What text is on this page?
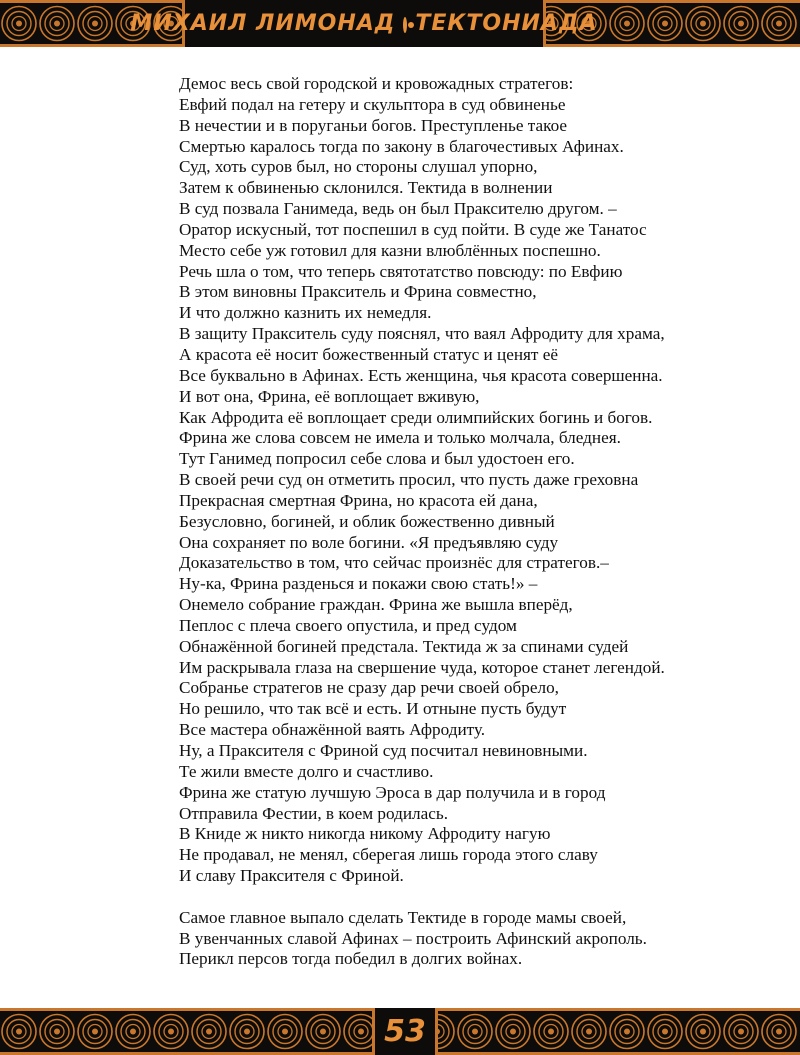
МИХАИЛ ЛИМОНАД ТЕКТОНИАДА
Демос весь свой городской и кровожадных стратегов:
Евфий подал на гетеру и скульптора в суд обвиненье
В нечестии и в поруганьи богов. Преступленье такое
Смертью каралось тогда по закону в благочестивых Афинах.
Суд, хоть суров был, но стороны слушал упорно,
Затем к обвиненью склонился. Тектида в волнении
В суд позвала Ганимеда, ведь он был Праксителю другом. –
Оратор искусный, тот поспешил в суд пойти. В суде же Танатос
Место себе уж готовил для казни влюблённых поспешно.
Речь шла о том, что теперь святотатство повсюду: по Евфию
В этом виновны Пракситель и Фрина совместно,
И что должно казнить их немедля.
В защиту Пракситель суду пояснял, что ваял Афродиту для храма,
А красота её носит божественный статус и ценят её
Все буквально в Афинах. Есть женщина, чья красота совершенна.
И вот она, Фрина, её воплощает вживую,
Как Афродита её воплощает среди олимпийских богинь и богов.
Фрина же слова совсем не имела и только молчала, бледнея.
Тут Ганимед попросил себе слова и был удостоен его.
В своей речи суд он отметить просил, что пусть даже греховна
Прекрасная смертная Фрина, но красота ей дана,
Безусловно, богиней, и облик божественно дивный
Она сохраняет по воле богини. «Я предъявляю суду
Доказательство в том, что сейчас произнёс для стратегов.–
Ну-ка, Фрина разденься и покажи свою стать!» –
Онемело собрание граждан. Фрина же вышла вперёд,
Пеплос с плеча своего опустила, и пред судом
Обнажённой богиней предстала. Тектида ж за спинами судей
Им раскрывала глаза на свершение чуда, которое станет легендой.
Собранье стратегов не сразу дар речи своей обрело,
Но решило, что так всё и есть. И отныне пусть будут
Все мастера обнажённой ваять Афродиту.
Ну, а Праксителя с Фриной суд посчитал невиновными.
Те жили вместе долго и счастливо.
Фрина же статую лучшую Эроса в дар получила и в город
Отправила Фестии, в коем родилась.
В Книде ж никто никогда никому Афродиту нагую
Не продавал, не менял, сберегая лишь города этого славу
И славу Праксителя с Фриной.
Самое главное выпало сделать Тектиде в городе мамы своей,
В увенчанных славой Афинах – построить Афинский акрополь.
Перикл персов тогда победил в долгих войнах.
53
